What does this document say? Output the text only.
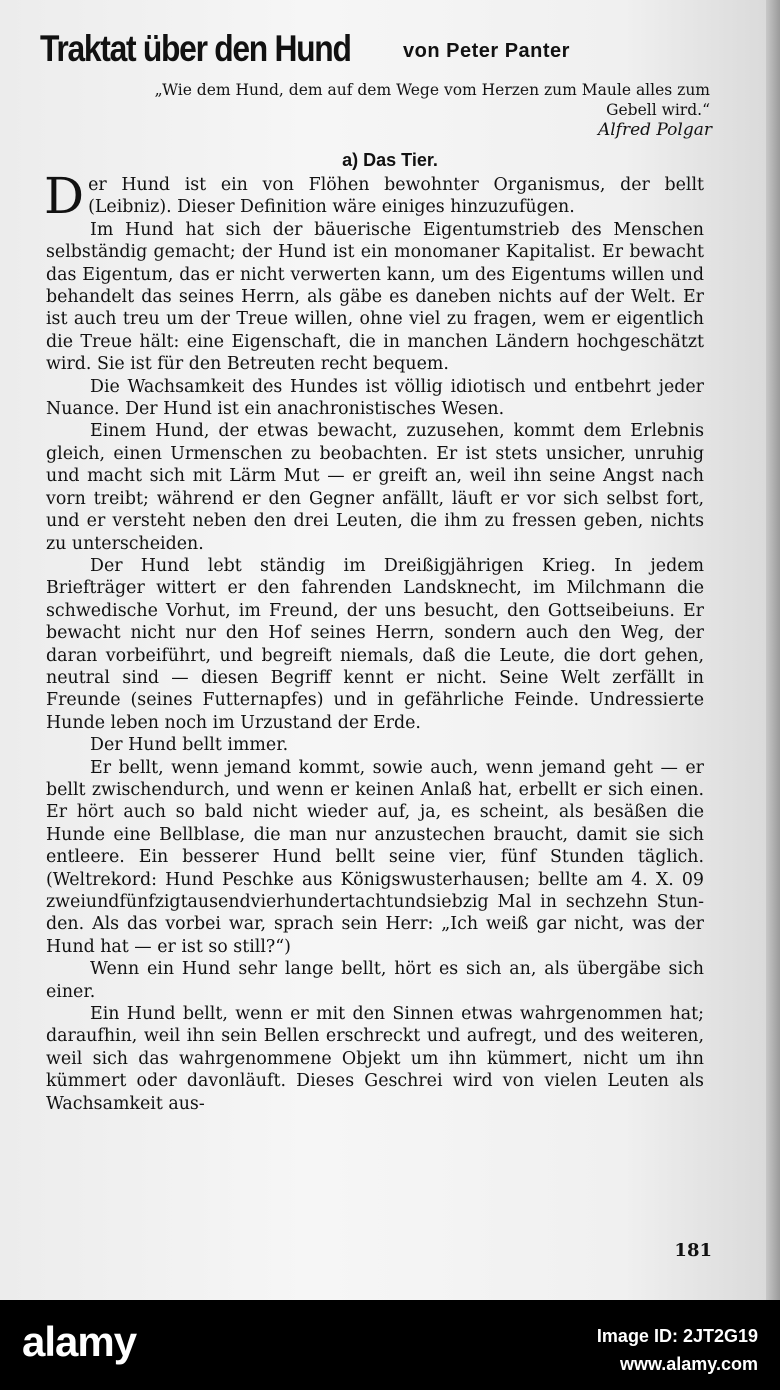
Traktat über den Hund	von Peter Panter
„Wie dem Hund, dem auf dem Wege vom Herzen zum Maule alles zum Gebell wird.“
Alfred Polgar
a) Das Tier.

Der Hund ist ein von Flöhen bewohnter Organismus, der bellt (Leibniz). Dieser Definition wäre einiges hinzuzufügen.

Im Hund hat sich der bäuerische Eigentumstrieb des Menschen selbständig gemacht; der Hund ist ein monomaner Kapitalist. Er bewacht das Eigentum, das er nicht verwerten kann, um des Eigentums willen und behandelt das seines Herrn, als gäbe es daneben nichts auf der Welt. Er ist auch treu um der Treue willen, ohne viel zu fragen, wem er eigentlich die Treue hält: eine Eigenschaft, die in manchen Ländern hochgeschätzt wird. Sie ist für den Betreuten recht bequem.

Die Wachsamkeit des Hundes ist völlig idiotisch und entbehrt jeder Nuance. Der Hund ist ein anachronistisches Wesen.

Einem Hund, der etwas bewacht, zuzusehen, kommt dem Erlebnis gleich, einen Urmenschen zu beobachten. Er ist stets unsicher, unruhig und macht sich mit Lärm Mut — er greift an, weil ihn seine Angst nach vorn treibt; während er den Gegner anfällt, läuft er vor sich selbst fort, und er versteht neben den drei Leuten, die ihm zu fressen geben, nichts zu unterscheiden.

Der Hund lebt ständig im Dreißigjährigen Krieg. In jedem Briefträger wittert er den fahrenden Landsknecht, im Milchmann die schwedische Vorhut, im Freund, der uns besucht, den Gottseibeiuns. Er bewacht nicht nur den Hof seines Herrn, sondern auch den Weg, der daran vorbeiführt, und begreift niemals, daß die Leute, die dort gehen, neutral sind — diesen Begriff kennt er nicht. Seine Welt zerfällt in Freunde (seines Futternapfes) und in gefährliche Feinde. Undressierte Hunde leben noch im Urzustand der Erde.

Der Hund bellt immer.

Er bellt, wenn jemand kommt, sowie auch, wenn jemand geht — er bellt zwischendurch, und wenn er keinen Anlaß hat, erbellt er sich einen. Er hört auch so bald nicht wieder auf, ja, es scheint, als besäßen die Hunde eine Bellblase, die man nur anzustechen braucht, damit sie sich entleere. Ein besserer Hund bellt seine vier, fünf Stunden täglich. (Weltrekord: Hund Peschke aus Königswusterhausen; bellte am 4. X. 09 zweiundfünfzigtausendvierhundertachtundsiebzig Mal in sechzehn Stunden. Als das vorbei war, sprach sein Herr: „Ich weiß gar nicht, was der Hund hat — er ist so still?“)

Wenn ein Hund sehr lange bellt, hört es sich an, als übergäbe sich einer.

Ein Hund bellt, wenn er mit den Sinnen etwas wahrgenommen hat; daraufhin, weil ihn sein Bellen erschreckt und aufregt, und des weiteren, weil sich das wahrgenommene Objekt um ihn kümmert, nicht um ihn kümmert oder davonläuft. Dieses Geschrei wird von vielen Leuten als Wachsamkeit aus-

181
alamy	Image ID: 2JT2G19
www.alamy.com
